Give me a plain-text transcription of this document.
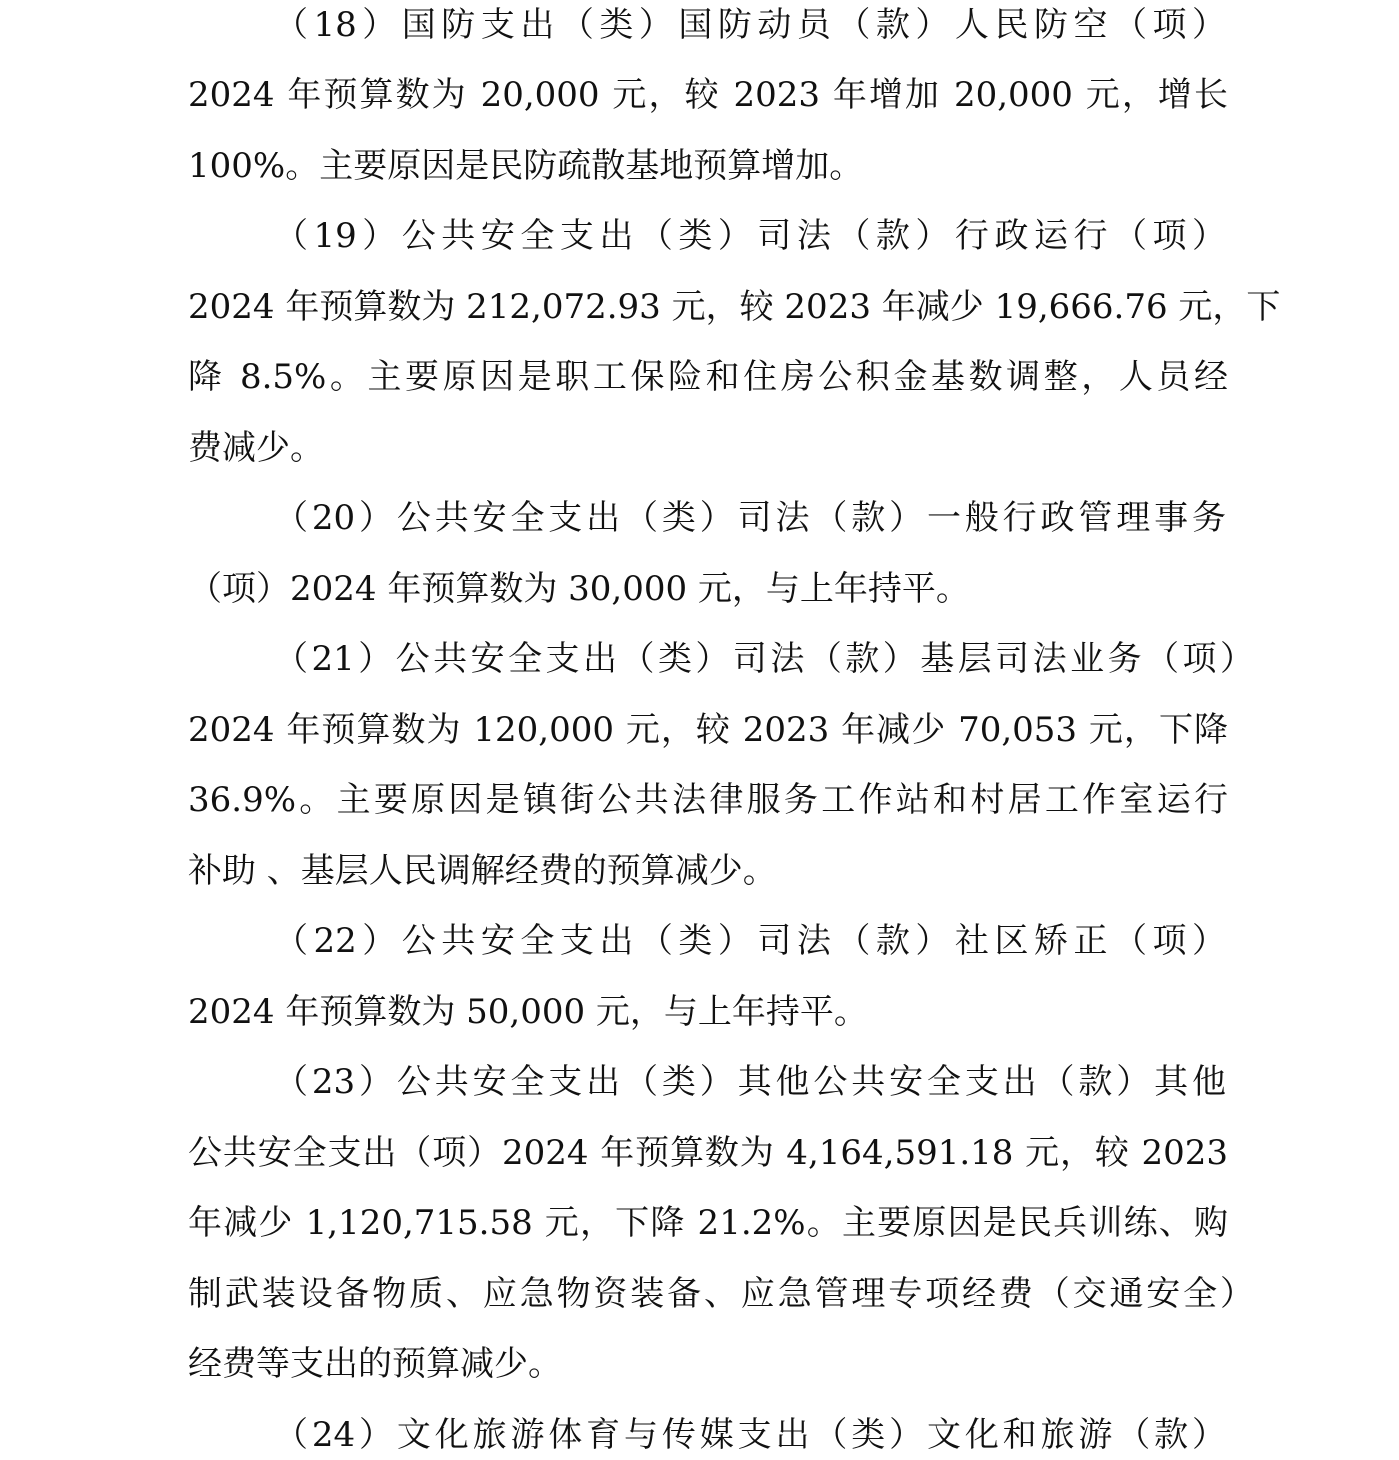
（18）国防支出（类）国防动员（款）人民防空（项）
2024 年预算数为 20,000 元，较 2023 年增加 20,000 元，增长
100%。主要原因是民防疏散基地预算增加。
（19）公共安全支出（类）司法（款）行政运行（项）
2024 年预算数为 212,072.93 元，较 2023 年减少 19,666.76 元，下
降 8.5%。主要原因是职工保险和住房公积金基数调整，人员经
费减少。
（20）公共安全支出（类）司法（款）一般行政管理事务
（项）2024 年预算数为 30,000 元，与上年持平。
（21）公共安全支出（类）司法（款）基层司法业务（项）
2024 年预算数为 120,000 元，较 2023 年减少 70,053 元，下降
36.9%。主要原因是镇街公共法律服务工作站和村居工作室运行
补助 、基层人民调解经费的预算减少。
（22）公共安全支出（类）司法（款）社区矫正（项）
2024 年预算数为 50,000 元，与上年持平。
（23）公共安全支出（类）其他公共安全支出（款）其他
公共安全支出（项）2024 年预算数为 4,164,591.18 元，较 2023
年减少 1,120,715.58 元，下降 21.2%。主要原因是民兵训练、购
制武装设备物质、应急物资装备、应急管理专项经费（交通安全）
经费等支出的预算减少。
（24）文化旅游体育与传媒支出（类）文化和旅游（款）
